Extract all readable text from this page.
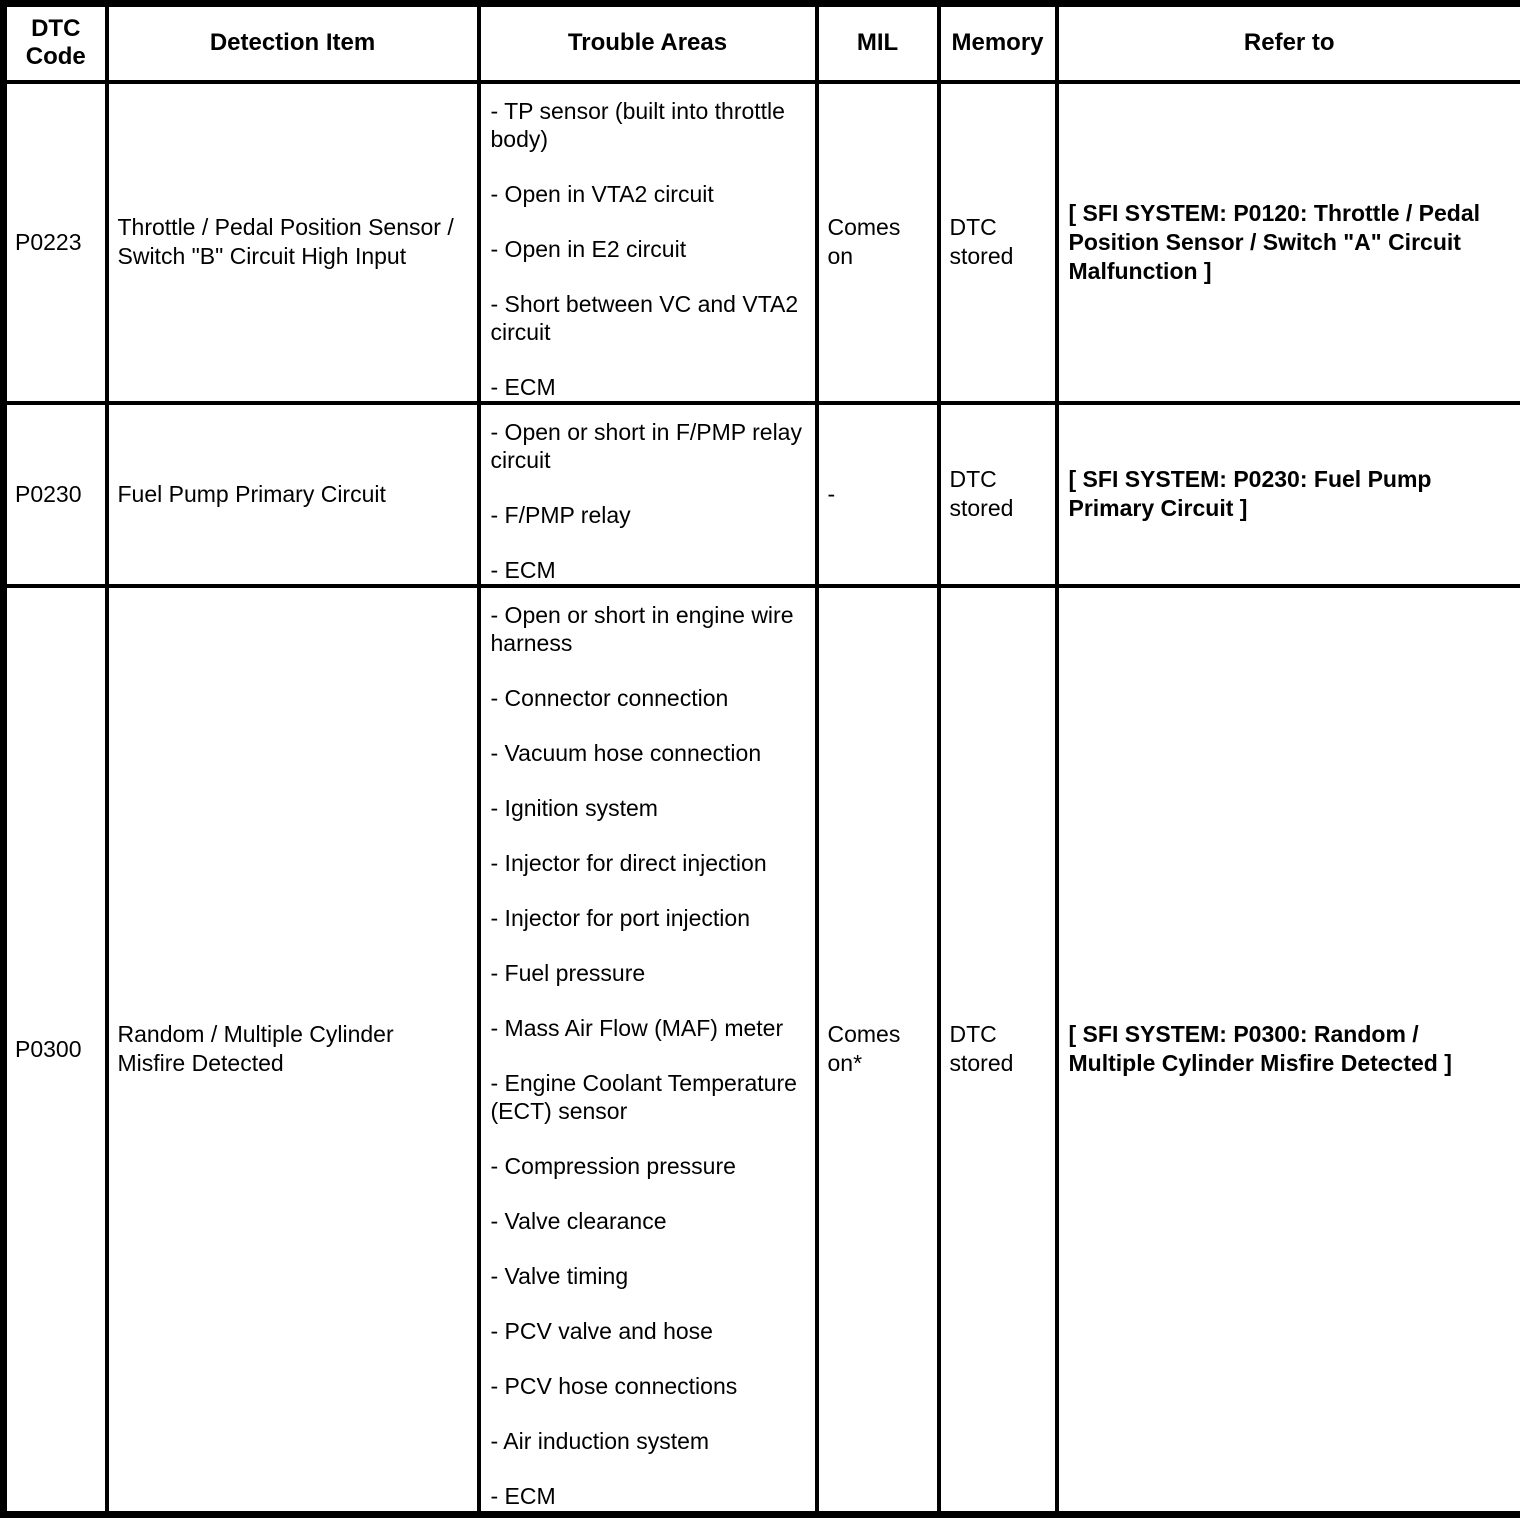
DTC Code	Detection Item	Trouble Areas	MIL	Memory	Refer to
P0223	Throttle / Pedal Position Sensor / Switch "B" Circuit High Input	- TP sensor (built into throttle body)

- Open in VTA2 circuit

- Open in E2 circuit

- Short between VC and VTA2 circuit

- ECM	Comes on	DTC stored	[ SFI SYSTEM: P0120: Throttle / Pedal Position Sensor / Switch "A" Circuit Malfunction ]
P0230	Fuel Pump Primary Circuit	- Open or short in F/PMP relay circuit

- F/PMP relay

- ECM	-	DTC stored	[ SFI SYSTEM: P0230: Fuel Pump Primary Circuit ]
P0300	Random / Multiple Cylinder Misfire Detected	

- Open or short in engine wire harness

- Connector connection

- Vacuum hose connection

- Ignition system

- Injector for direct injection

- Injector for port injection

- Fuel pressure

- Mass Air Flow (MAF) meter

- Engine Coolant Temperature (ECT) sensor

- Compression pressure

- Valve clearance

- Valve timing

- PCV valve and hose

- PCV hose connections

- Air induction system

- ECM

	Comes on*	DTC stored	[ SFI SYSTEM: P0300: Random / Multiple Cylinder Misfire Detected ]
